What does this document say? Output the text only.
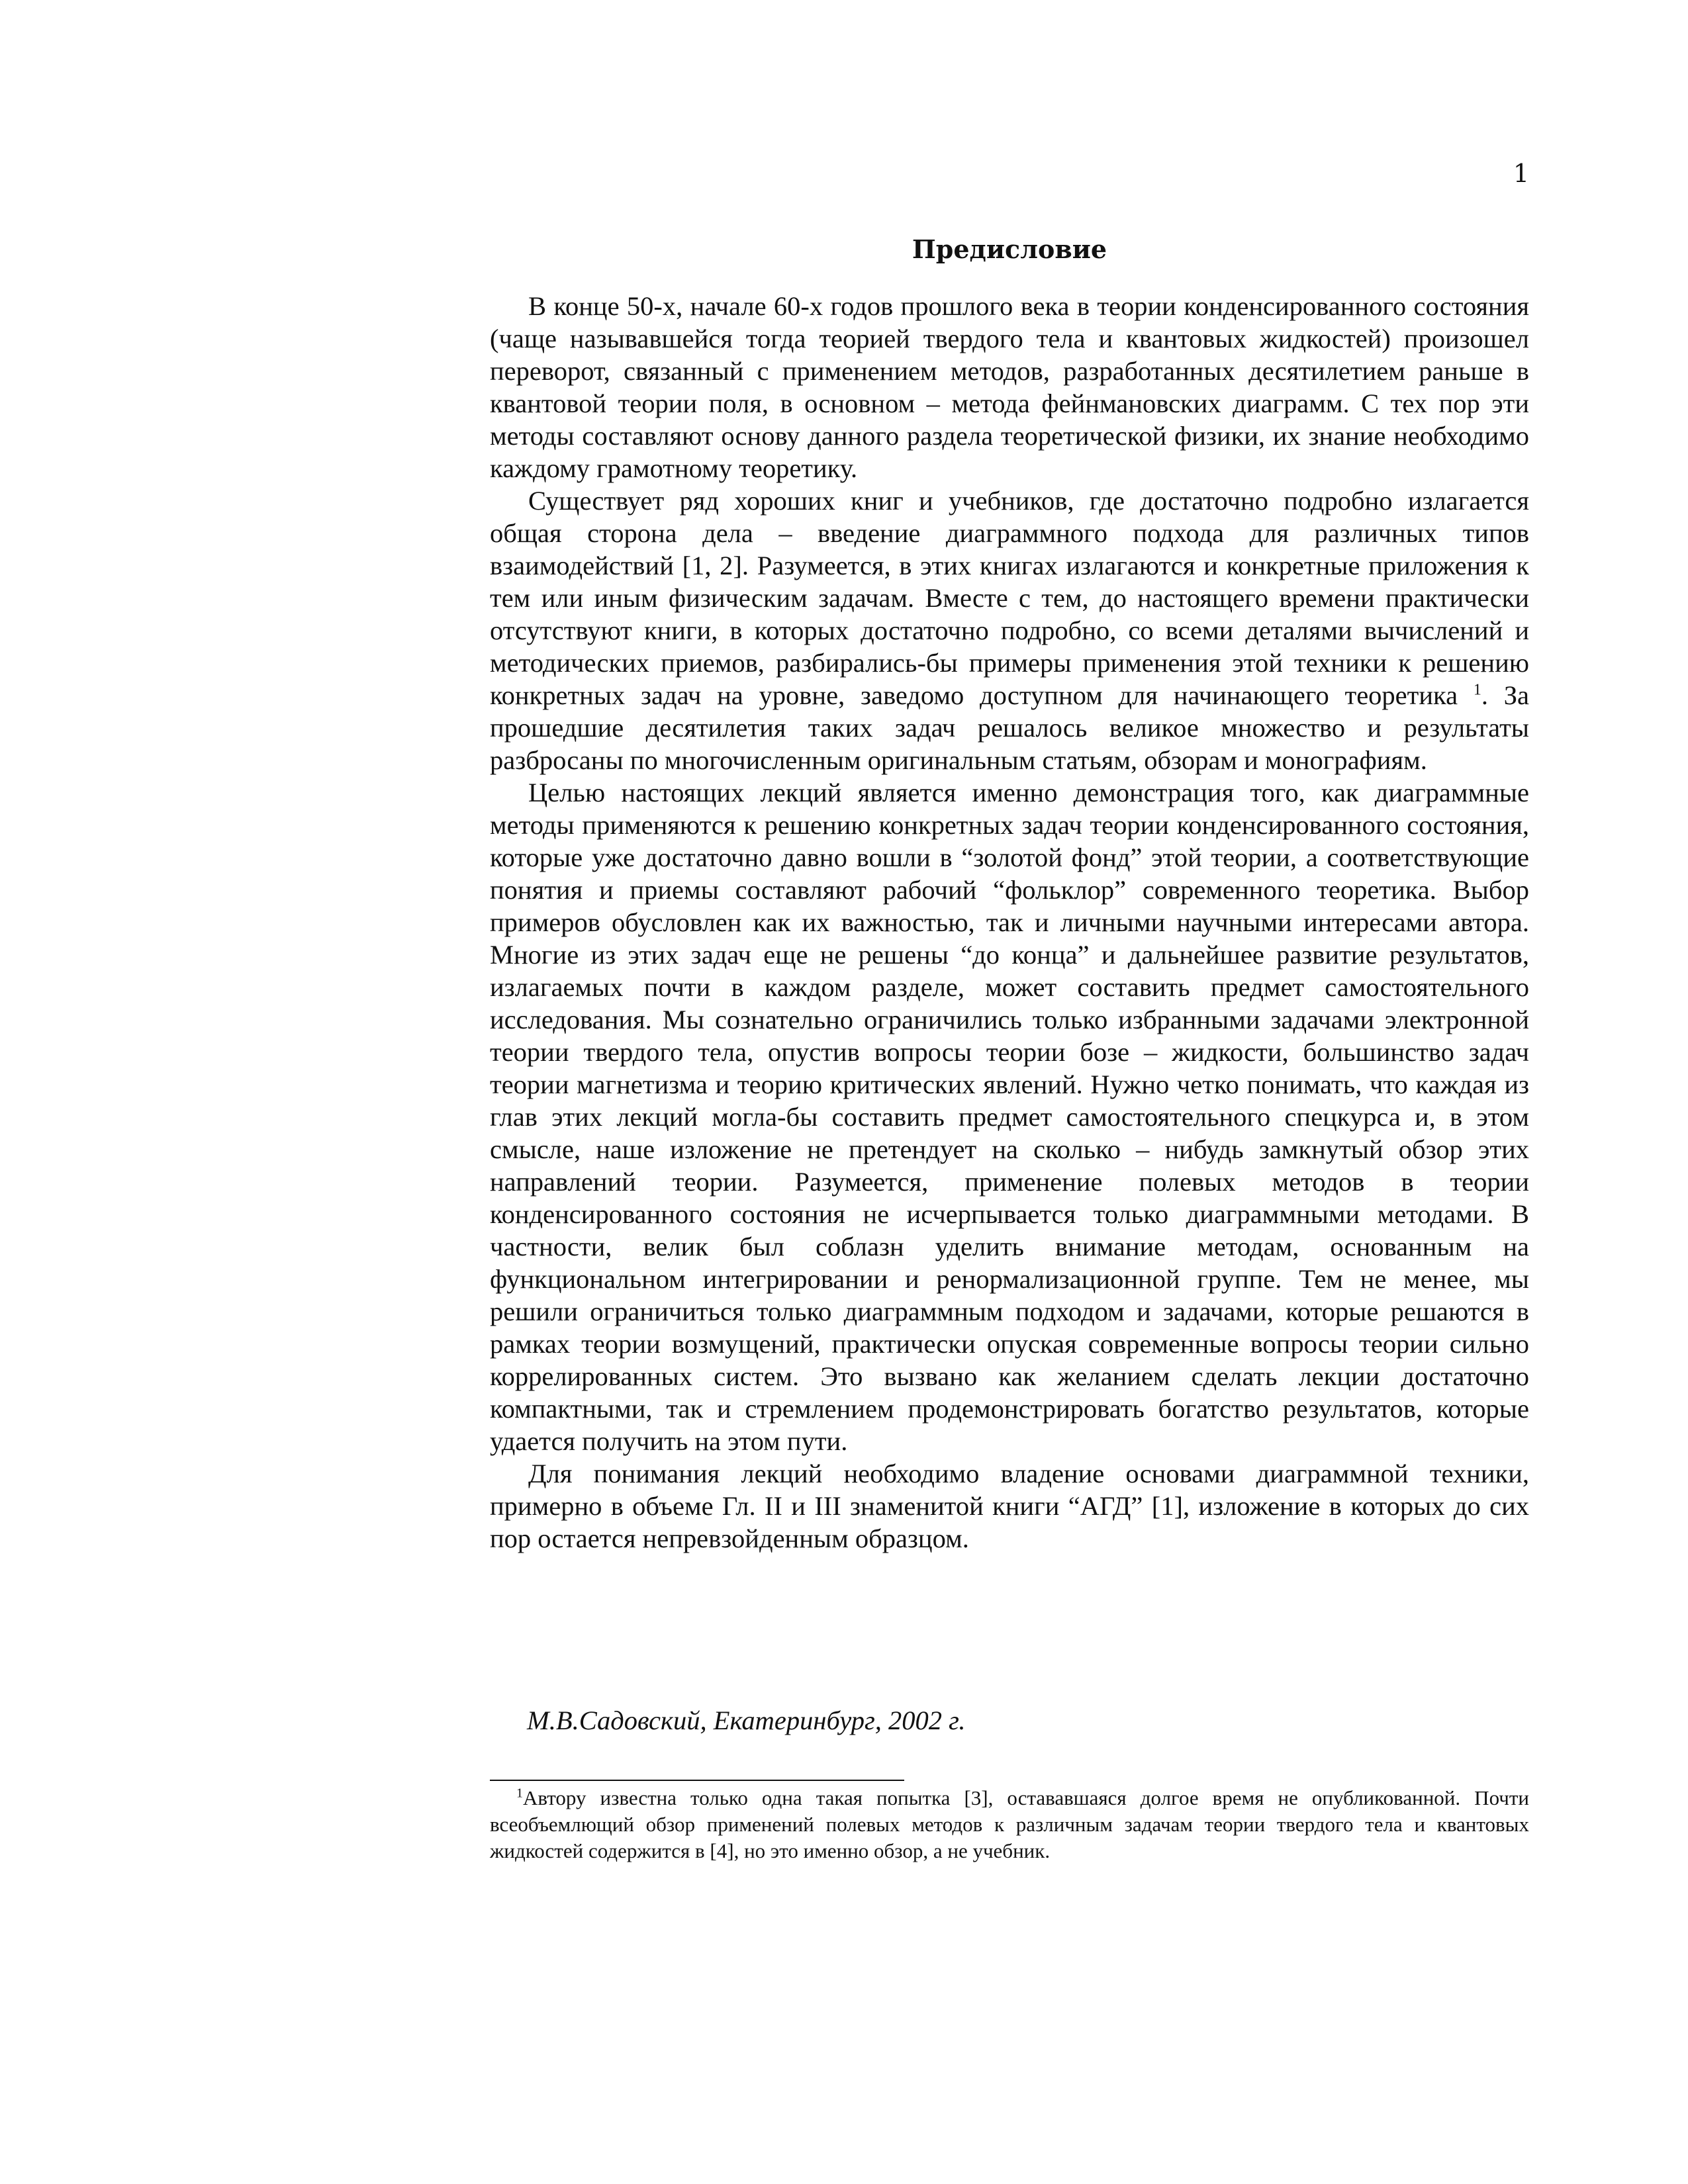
1
Предисловие

В конце 50-х, начале 60-х годов прошлого века в теории конденсированного состояния (чаще называвшейся тогда теорией твердого тела и квантовых жидкостей) произошел переворот, связанный с применением методов, разработанных десятилетием раньше в квантовой теории поля, в основном – метода фейнмановских диаграмм. С тех пор эти методы составляют основу данного раздела теоретической физики, их знание необходимо каждому грамотному теоретику.

Существует ряд хороших книг и учебников, где достаточно подробно излагается общая сторона дела – введение диаграммного подхода для различных типов взаимодействий [1, 2]. Разумеется, в этих книгах излагаются и конкретные приложения к тем или иным физическим задачам. Вместе с тем, до настоящего времени практически отсутствуют книги, в которых достаточно подробно, со всеми деталями вычислений и методических приемов, разбирались-бы примеры применения этой техники к решению конкретных задач на уровне, заведомо доступном для начинающего теоретика $^1$. За прошедшие десятилетия таких задач решалось великое множество и результаты разбросаны по многочисленным оригинальным статьям, обзорам и монографиям.

Целью настоящих лекций является именно демонстрация того, как диаграммные методы применяются к решению конкретных задач теории конденсированного состояния, которые уже достаточно давно вошли в “золотой фонд” этой теории, а соответствующие понятия и приемы составляют рабочий “фольклор” современного теоретика. Выбор примеров обусловлен как их важностью, так и личными научными интересами автора. Многие из этих задач еще не решены “до конца” и дальнейшее развитие результатов, излагаемых почти в каждом разделе, может составить предмет самостоятельного исследования. Мы сознательно ограничились только избранными задачами электронной теории твердого тела, опустив вопросы теории бозе – жидкости, большинство задач теории магнетизма и теорию критических явлений. Нужно четко понимать, что каждая из глав этих лекций могла-бы составить предмет самостоятельного спецкурса и, в этом смысле, наше изложение не претендует на сколько – нибудь замкнутый обзор этих направлений теории. Разумеется, применение полевых методов в теории конденсированного состояния не исчерпывается только диаграммными методами. В частности, велик был соблазн уделить внимание методам, основанным на функциональном интегрировании и ренормализационной группе. Тем не менее, мы решили ограничиться только диаграммным подходом и задачами, которые решаются в рамках теории возмущений, практически опуская современные вопросы теории сильно коррелированных систем. Это вызвано как желанием сделать лекции достаточно компактными, так и стремлением продемонстрировать богатство результатов, которые удается получить на этом пути.

Для понимания лекций необходимо владение основами диаграммной техники, примерно в объеме Гл. II и III знаменитой книги “АГД” [1], изложение в которых до сих пор остается непревзойденным образцом.

М.В.Садовский, Екатеринбург, 2002 г.

$^1$Автору известна только одна такая попытка [3], остававшаяся долгое время не опубликованной. Почти всеобъемлющий обзор применений полевых методов к различным задачам теории твердого тела и квантовых жидкостей содержится в [4], но это именно обзор, а не учебник.
